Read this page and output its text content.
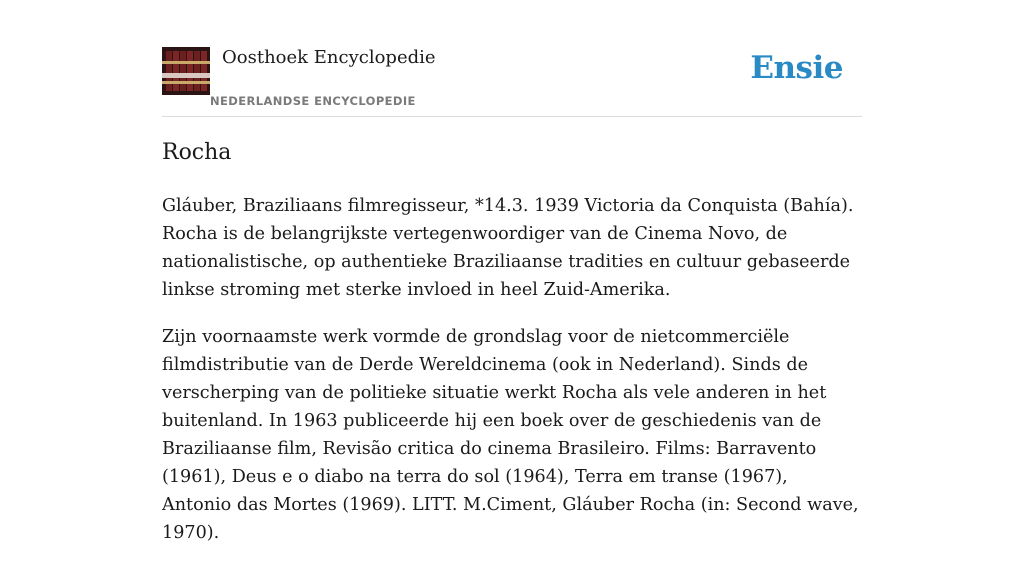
Oosthoek Encyclopedie
NEDERLANDSE ENCYCLOPEDIE
Ensie
Rocha

Gláuber, Braziliaans filmregisseur, *14.3. 1939 Victoria da Conquista (Bahía). Rocha is de belangrijkste vertegenwoordiger van de Cinema Novo, de nationalistische, op authentieke Braziliaanse tradities en cultuur gebaseerde linkse stroming met sterke invloed in heel Zuid-Amerika.

Zijn voornaamste werk vormde de grondslag voor de nietcommerciële filmdistributie van de Derde Wereldcinema (ook in Nederland). Sinds de verscherping van de politieke situatie werkt Rocha als vele anderen in het buitenland. In 1963 publiceerde hij een boek over de geschiedenis van de Braziliaanse film, Revisão critica do cinema Brasileiro. Films: Barravento (1961), Deus e o diabo na terra do sol (1964), Terra em transe (1967), Antonio das Mortes (1969). LITT. M.Ciment, Gláuber Rocha (in: Second wave, 1970).
